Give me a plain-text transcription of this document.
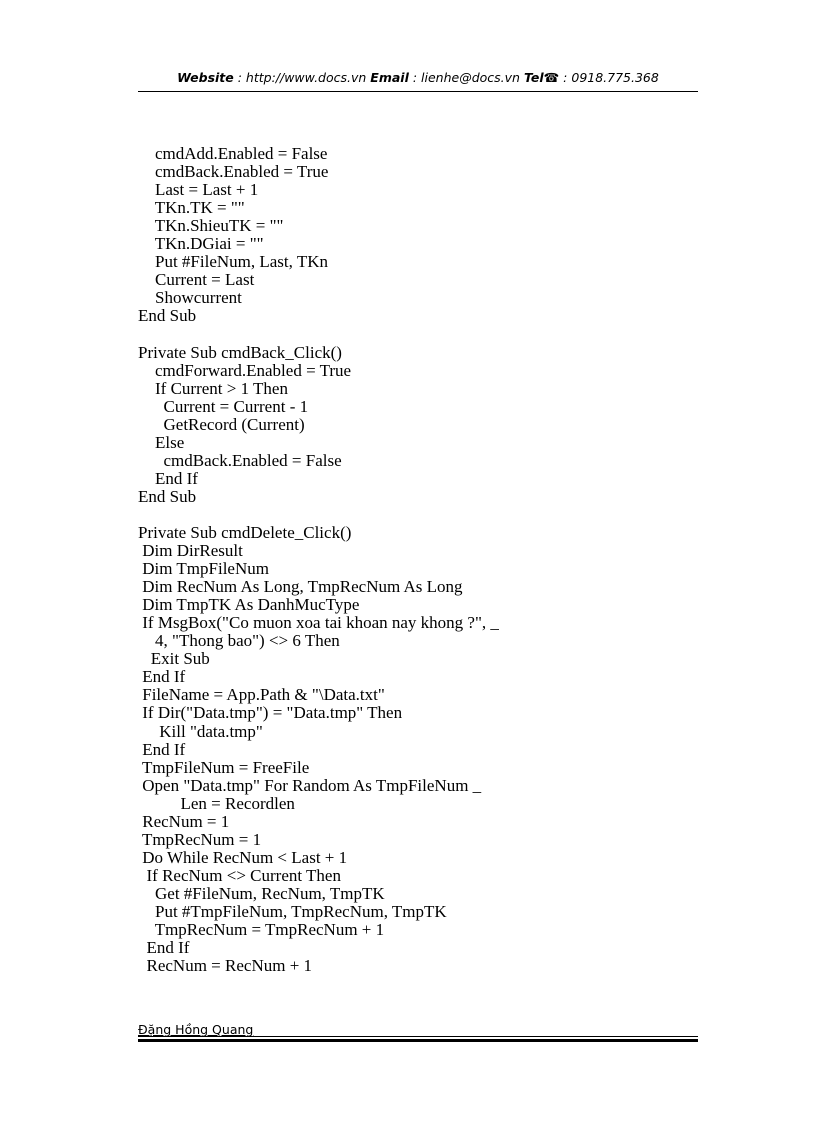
Website : http://www.docs.vn Email : lienhe@docs.vn Tel☎ : 0918.775.368
cmdAdd.Enabled = False
cmdBack.Enabled = True
Last = Last + 1
TKn.TK = ""
TKn.ShieuTK = ""
TKn.DGiai = ""
Put #FileNum, Last, TKn
Current = Last
Showcurrent
End Sub
Private Sub cmdBack_Click()
cmdForward.Enabled = True
If Current > 1 Then
Current = Current - 1
GetRecord (Current)
Else
cmdBack.Enabled = False
End If
End Sub
Private Sub cmdDelete_Click()
Dim DirResult
Dim TmpFileNum
Dim RecNum As Long, TmpRecNum As Long
Dim TmpTK As DanhMucType
If MsgBox("Co muon xoa tai khoan nay khong ?", _
4, "Thong bao") <> 6 Then
Exit Sub
End If
FileName = App.Path & "\Data.txt"
If Dir("Data.tmp") = "Data.tmp" Then
Kill "data.tmp"
End If
TmpFileNum = FreeFile
Open "Data.tmp" For Random As TmpFileNum _
Len = Recordlen
RecNum = 1
TmpRecNum = 1
Do While RecNum < Last + 1
If RecNum <> Current Then
Get #FileNum, RecNum, TmpTK
Put #TmpFileNum, TmpRecNum, TmpTK
TmpRecNum = TmpRecNum + 1
End If
RecNum = RecNum + 1
Đặng Hồng Quang
